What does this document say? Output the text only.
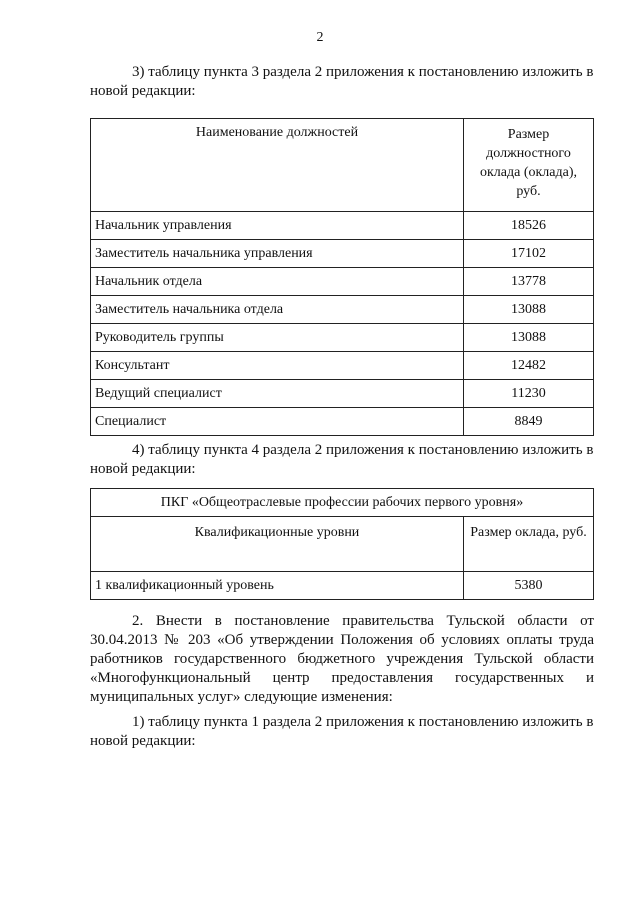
2

3) таблицу пункта 3 раздела 2 приложения к постановлению изложить в новой редакции:

Наименование должностей	Размер должностного оклада (оклада), руб.
Начальник управления	18526
Заместитель начальника управления	17102
Начальник отдела	13778
Заместитель начальника отдела	13088
Руководитель группы	13088
Консультант	12482
Ведущий специалист	11230
Специалист	8849

4) таблицу пункта 4 раздела 2 приложения к постановлению изложить в новой редакции:

ПКГ «Общеотраслевые профессии рабочих первого уровня»	
Квалификационные уровни	Размер оклада, руб.
1 квалификационный уровень	5380

2. Внести в постановление правительства Тульской области от 30.04.2013 № 203 «Об утверждении Положения об условиях оплаты труда работников государственного бюджетного учреждения Тульской области «Многофункциональный центр предоставления государственных и муниципальных услуг» следующие изменения:

1) таблицу пункта 1 раздела 2 приложения к постановлению изложить в новой редакции:
